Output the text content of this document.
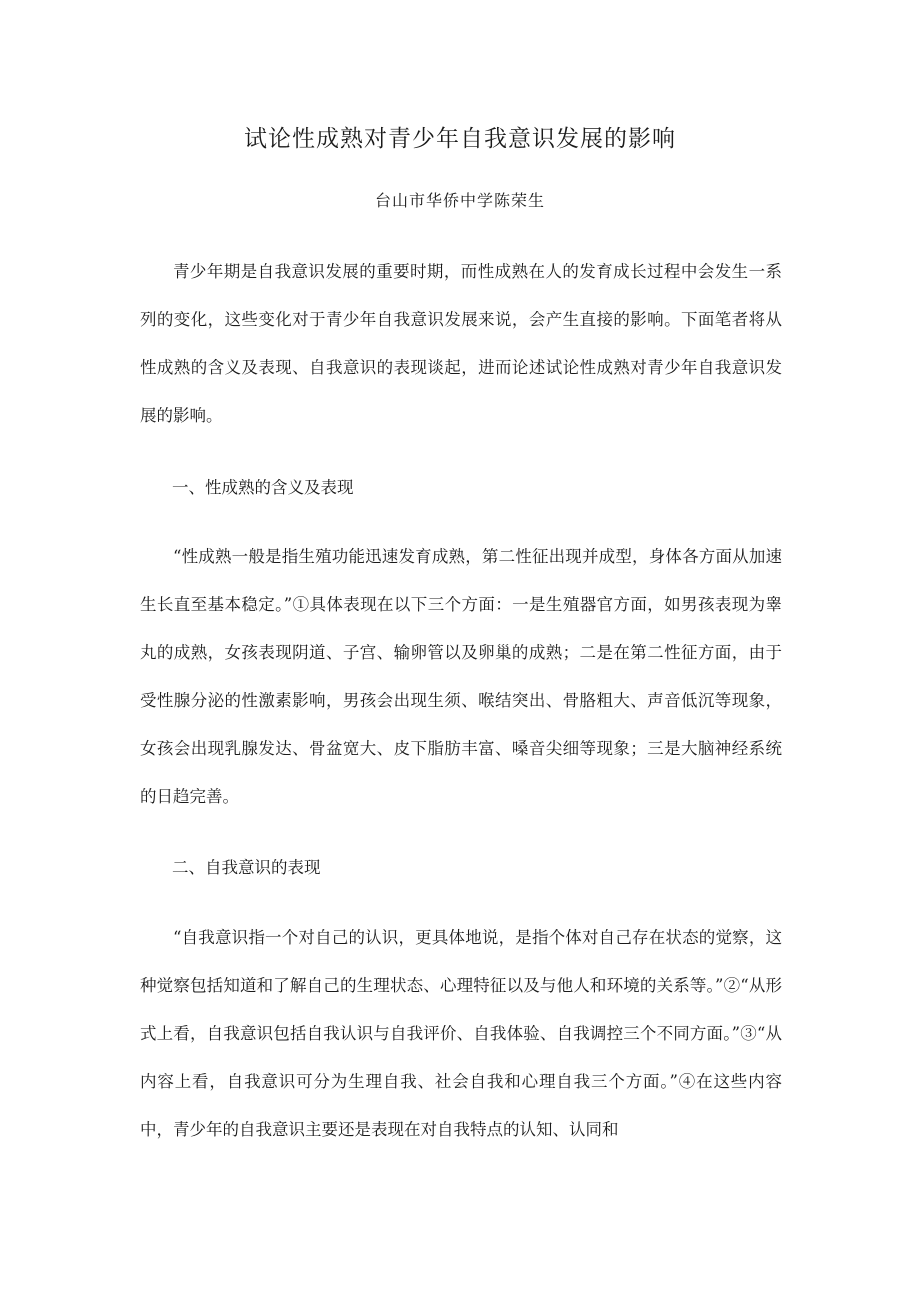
试论性成熟对青少年自我意识发展的影响
台山市华侨中学陈荣生

青少年期是自我意识发展的重要时期，而性成熟在人的发育成长过程中会发生一系列的变化，这些变化对于青少年自我意识发展来说，会产生直接的影响。下面笔者将从性成熟的含义及表现、自我意识的表现谈起，进而论述试论性成熟对青少年自我意识发展的影响。

一、性成熟的含义及表现

“性成熟一般是指生殖功能迅速发育成熟，第二性征出现并成型，身体各方面从加速生长直至基本稳定。”①具体表现在以下三个方面：一是生殖器官方面，如男孩表现为睾丸的成熟，女孩表现阴道、子宫、输卵管以及卵巢的成熟；二是在第二性征方面，由于受性腺分泌的性激素影响，男孩会出现生须、喉结突出、骨胳粗大、声音低沉等现象，女孩会出现乳腺发达、骨盆宽大、皮下脂肪丰富、嗓音尖细等现象；三是大脑神经系统的日趋完善。

二、自我意识的表现

“自我意识指一个对自己的认识，更具体地说，是指个体对自己存在状态的觉察，这种觉察包括知道和了解自己的生理状态、心理特征以及与他人和环境的关系等。”②“从形式上看，自我意识包括自我认识与自我评价、自我体验、自我调控三个不同方面。”③“从内容上看，自我意识可分为生理自我、社会自我和心理自我三个方面。”④在这些内容中，青少年的自我意识主要还是表现在对自我特点的认知、认同和
